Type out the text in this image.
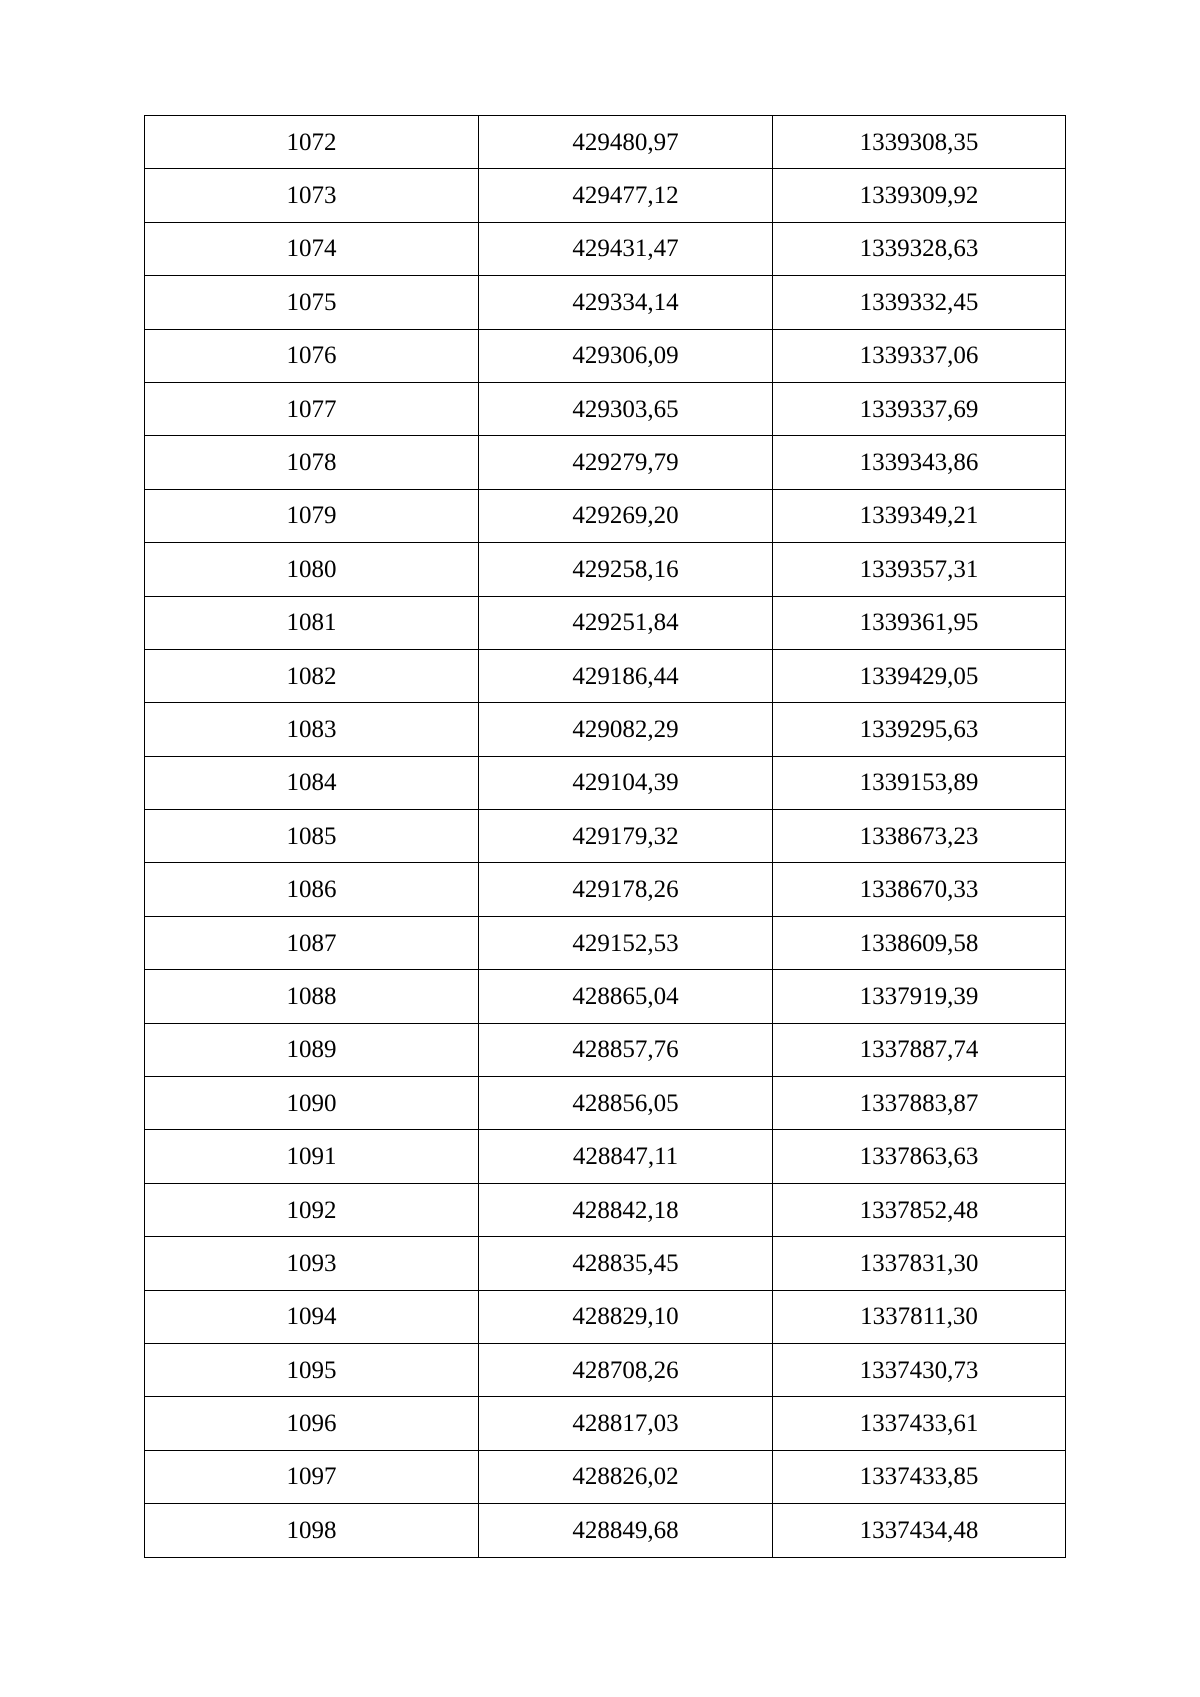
1072	429480,97	1339308,35
1073	429477,12	1339309,92
1074	429431,47	1339328,63
1075	429334,14	1339332,45
1076	429306,09	1339337,06
1077	429303,65	1339337,69
1078	429279,79	1339343,86
1079	429269,20	1339349,21
1080	429258,16	1339357,31
1081	429251,84	1339361,95
1082	429186,44	1339429,05
1083	429082,29	1339295,63
1084	429104,39	1339153,89
1085	429179,32	1338673,23
1086	429178,26	1338670,33
1087	429152,53	1338609,58
1088	428865,04	1337919,39
1089	428857,76	1337887,74
1090	428856,05	1337883,87
1091	428847,11	1337863,63
1092	428842,18	1337852,48
1093	428835,45	1337831,30
1094	428829,10	1337811,30
1095	428708,26	1337430,73
1096	428817,03	1337433,61
1097	428826,02	1337433,85
1098	428849,68	1337434,48
